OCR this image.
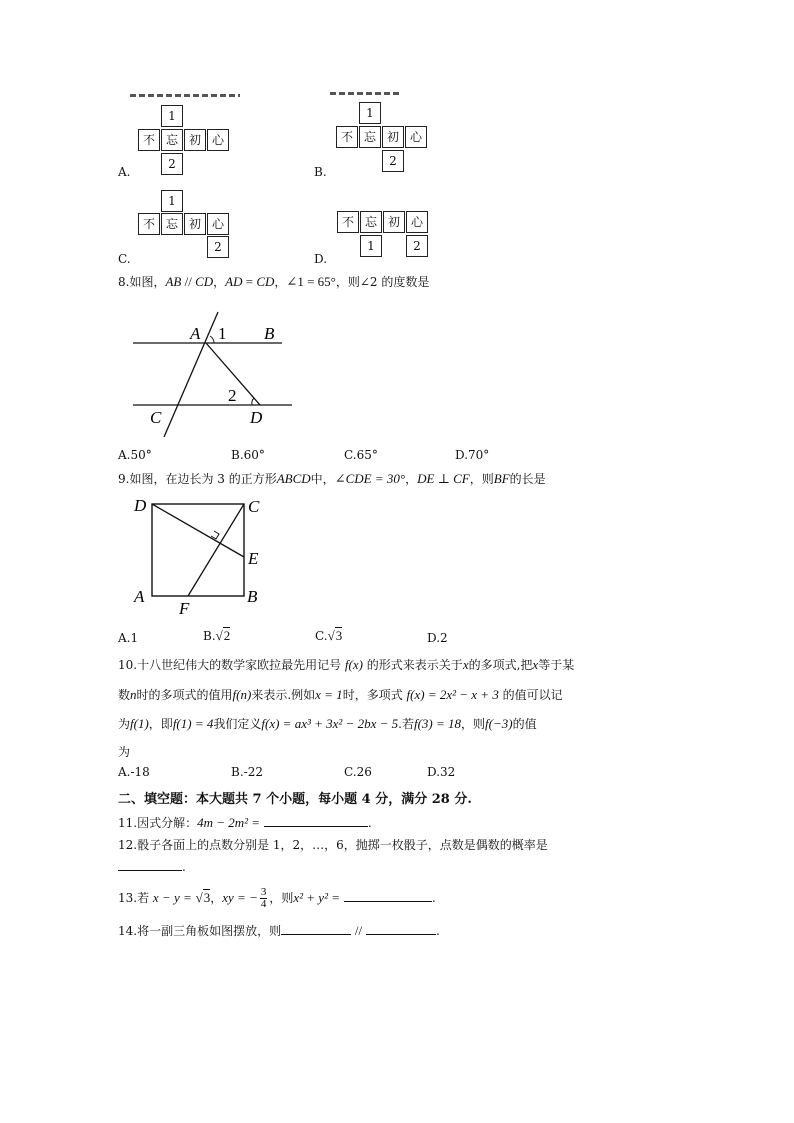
1
不 忘 初 心
2
A.
1
不 忘 初 心
2
B.
1
不 忘 初 心
2
C.
不 忘 初 心
1	2
D.
8.如图，AB // CD，AD = CD，∠1 = 65°，则∠2 的度数是
A 1 B
2
C	D
A.50°	B.60°	C.65°	D.70°
9.如图，在边长为 3 的正方形ABCD中，∠CDE = 30°，DE ⊥ CF，则BF的长是
D	C
E
A
F
B
A.1	B.√2	C.√3	D.2
10.十八世纪伟大的数学家欧拉最先用记号 f(x) 的形式来表示关于x的多项式,把x等于某
数n时的多项式的值用f(n)来表示.例如x = 1时，多项式 f(x) = 2x² − x + 3 的值可以记
为f(1)，即f(1) = 4我们定义f(x) = ax³ + 3x² − 2bx − 5.若f(3) = 18，则f(−3)的值
为
A.-18	B.-22	C.26	D.32
二、填空题：本大题共 7 个小题，每小题 4 分，满分 28 分.
11.因式分解：4m − 2m² =	.
12.骰子各面上的点数分别是 1，2，…，6，抛掷一枚骰子，点数是偶数的概率是
.
13.若 x − y = √3，xy = − $\frac{3}{4}$ ，则x² + y² =	.
14.将一副三角板如图摆放，则	//	.
